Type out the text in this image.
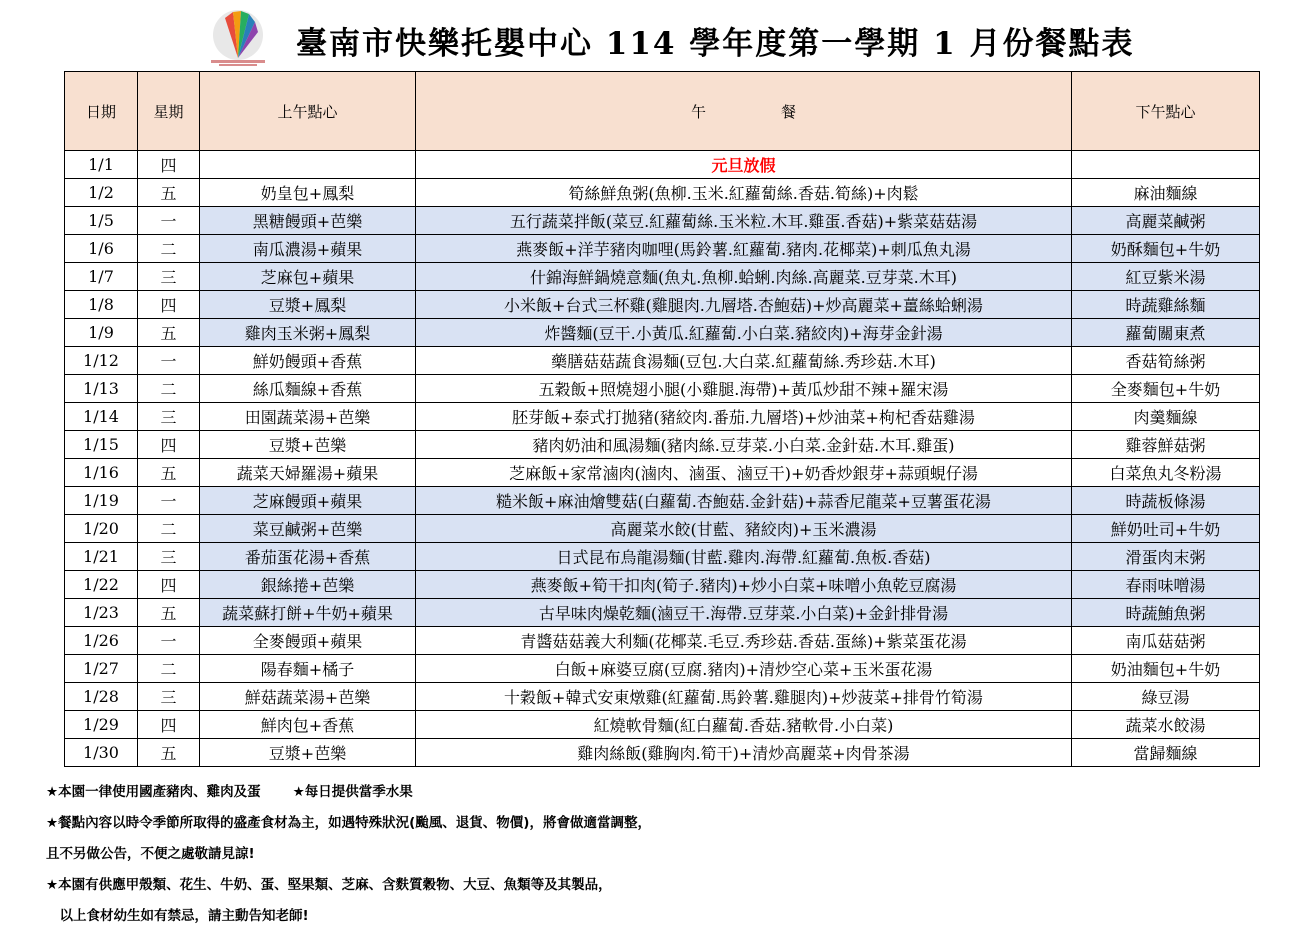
臺南市快樂托嬰中心 114 學年度第一學期 1 月份餐點表
日期	星期	上午點心	午　　　　　餐	下午點心
1/1	四		元旦放假	
1/2	五	奶皇包+鳳梨	筍絲鮮魚粥(魚柳.玉米.紅蘿蔔絲.香菇.筍絲)+肉鬆	麻油麵線
1/5	一	黑糖饅頭+芭樂	五行蔬菜拌飯(菜豆.紅蘿蔔絲.玉米粒.木耳.雞蛋.香菇)+紫菜菇菇湯	高麗菜鹹粥
1/6	二	南瓜濃湯+蘋果	燕麥飯+洋芋豬肉咖哩(馬鈴薯.紅蘿蔔.豬肉.花椰菜)+刺瓜魚丸湯	奶酥麵包+牛奶
1/7	三	芝麻包+蘋果	什錦海鮮鍋燒意麵(魚丸.魚柳.蛤蜊.肉絲.高麗菜.豆芽菜.木耳)	紅豆紫米湯
1/8	四	豆漿+鳳梨	小米飯+台式三杯雞(雞腿肉.九層塔.杏鮑菇)+炒高麗菜+薑絲蛤蜊湯	時蔬雞絲麵
1/9	五	雞肉玉米粥+鳳梨	炸醬麵(豆干.小黃瓜.紅蘿蔔.小白菜.豬絞肉)+海芽金針湯	蘿蔔關東煮
1/12	一	鮮奶饅頭+香蕉	藥膳菇菇蔬食湯麵(豆包.大白菜.紅蘿蔔絲.秀珍菇.木耳)	香菇筍絲粥
1/13	二	絲瓜麵線+香蕉	五穀飯+照燒翅小腿(小雞腿.海帶)+黃瓜炒甜不辣+羅宋湯	全麥麵包+牛奶
1/14	三	田園蔬菜湯+芭樂	胚芽飯+泰式打拋豬(豬絞肉.番茄.九層塔)+炒油菜+枸杞香菇雞湯	肉羹麵線
1/15	四	豆漿+芭樂	豬肉奶油和風湯麵(豬肉絲.豆芽菜.小白菜.金針菇.木耳.雞蛋)	雞蓉鮮菇粥
1/16	五	蔬菜天婦羅湯+蘋果	芝麻飯+家常滷肉(滷肉、滷蛋、滷豆干)+奶香炒銀芽+蒜頭蜆仔湯	白菜魚丸冬粉湯
1/19	一	芝麻饅頭+蘋果	糙米飯+麻油燴雙菇(白蘿蔔.杏鮑菇.金針菇)+蒜香尼龍菜+豆薯蛋花湯	時蔬板條湯
1/20	二	菜豆鹹粥+芭樂	高麗菜水餃(甘藍、豬絞肉)+玉米濃湯	鮮奶吐司+牛奶
1/21	三	番茄蛋花湯+香蕉	日式昆布烏龍湯麵(甘藍.雞肉.海帶.紅蘿蔔.魚板.香菇)	滑蛋肉末粥
1/22	四	銀絲捲+芭樂	燕麥飯+筍干扣肉(筍子.豬肉)+炒小白菜+味噌小魚乾豆腐湯	春雨味噌湯
1/23	五	蔬菜蘇打餅+牛奶+蘋果	古早味肉燥乾麵(滷豆干.海帶.豆芽菜.小白菜)+金針排骨湯	時蔬鮪魚粥
1/26	一	全麥饅頭+蘋果	青醬菇菇義大利麵(花椰菜.毛豆.秀珍菇.香菇.蛋絲)+紫菜蛋花湯	南瓜菇菇粥
1/27	二	陽春麵+橘子	白飯+麻婆豆腐(豆腐.豬肉)+清炒空心菜+玉米蛋花湯	奶油麵包+牛奶
1/28	三	鮮菇蔬菜湯+芭樂	十穀飯+韓式安東燉雞(紅蘿蔔.馬鈴薯.雞腿肉)+炒菠菜+排骨竹筍湯	綠豆湯
1/29	四	鮮肉包+香蕉	紅燒軟骨麵(紅白蘿蔔.香菇.豬軟骨.小白菜)	蔬菜水餃湯
1/30	五	豆漿+芭樂	雞肉絲飯(雞胸肉.筍干)+清炒高麗菜+肉骨茶湯	當歸麵線
★本園一律使用國產豬肉、雞肉及蛋 ★每日提供當季水果
★餐點內容以時令季節所取得的盛產食材為主，如遇特殊狀況(颱風、退貨、物價)，將會做適當調整，
且不另做公告，不便之處敬請見諒!
★本園有供應甲殼類、花生、牛奶、蛋、堅果類、芝麻、含麩質穀物、大豆、魚類等及其製品，
　以上食材幼生如有禁忌，請主動告知老師!
